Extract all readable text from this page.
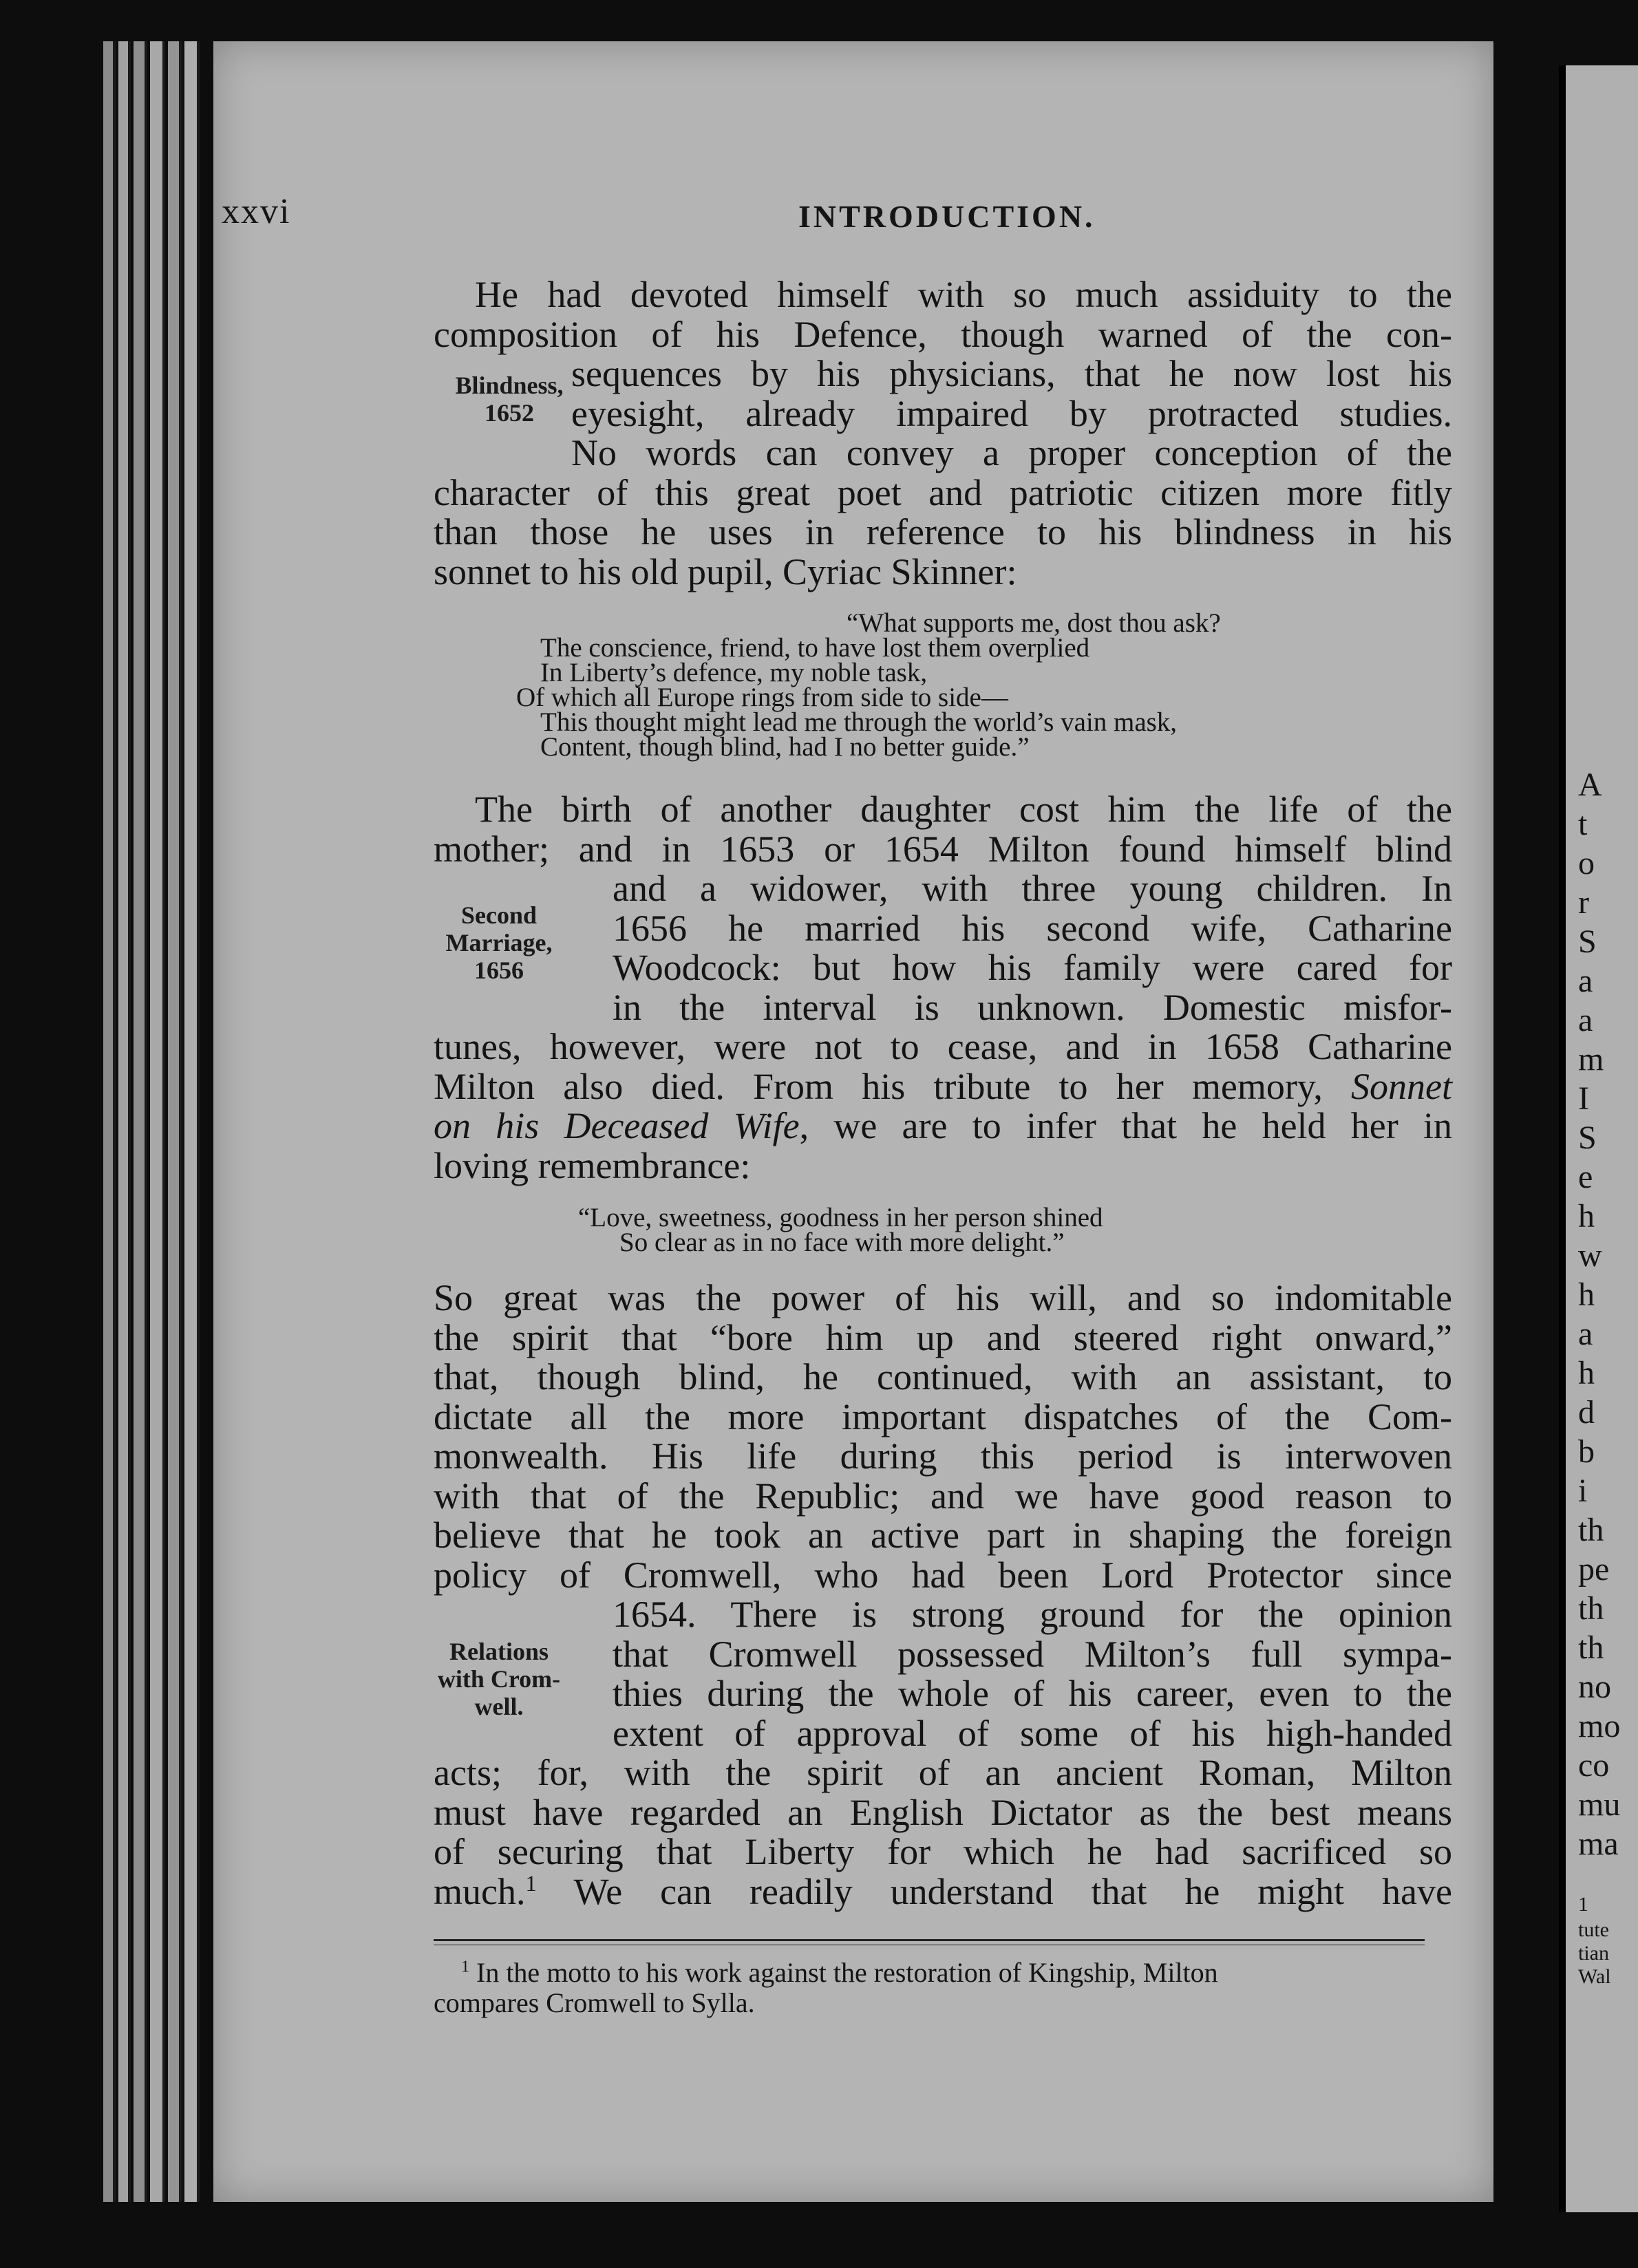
A
t
o
r
S
a
a
m
I
S
e
h
w
h
a
h
d
b
i
th
pe
th
th
no
mo
co
mu
ma
1
tute
tian
Wal
xxvi	INTRODUCTION.

He had devoted himself with so much assiduity to the
composition of his Defence, though warned of the con-
sequences by his physicians, that he now lost his
eyesight, already impaired by protracted studies.
No words can convey a proper conception of the
character of this great poet and patriotic citizen more fitly
than those he uses in reference to his blindness in his
sonnet to his old pupil, Cyriac Skinner:

Blindness,
1652
“What supports me, dost thou ask?
The conscience, friend, to have lost them overplied
In Liberty’s defence, my noble task,
Of which all Europe rings from side to side—
This thought might lead me through the world’s vain mask,
Content, though blind, had I no better guide.”

The birth of another daughter cost him the life of the
mother; and in 1653 or 1654 Milton found himself blind
and a widower, with three young children. In
1656 he married his second wife, Catharine
Woodcock: but how his family were cared for
in the interval is unknown. Domestic misfor-
tunes, however, were not to cease, and in 1658 Catharine
Milton also died. From his tribute to her memory, Sonnet
on his Deceased Wife, we are to infer that he held her in
loving remembrance:

Second
Marriage,
1656
“Love, sweetness, goodness in her person shined
So clear as in no face with more delight.”

So great was the power of his will, and so indomitable
the spirit that “bore him up and steered right onward,”
that, though blind, he continued, with an assistant, to
dictate all the more important dispatches of the Com-
monwealth. His life during this period is interwoven
with that of the Republic; and we have good reason to
believe that he took an active part in shaping the foreign
policy of Cromwell, who had been Lord Protector since
1654. There is strong ground for the opinion
that Cromwell possessed Milton’s full sympa-
thies during the whole of his career, even to the
extent of approval of some of his high-handed
acts; for, with the spirit of an ancient Roman, Milton
must have regarded an English Dictator as the best means
of securing that Liberty for which he had sacrificed so
much.$^1$ We can readily understand that he might have

Relations
with Crom-
well.
$^1$ In the motto to his work against the restoration of Kingship, Milton
compares Cromwell to Sylla.
